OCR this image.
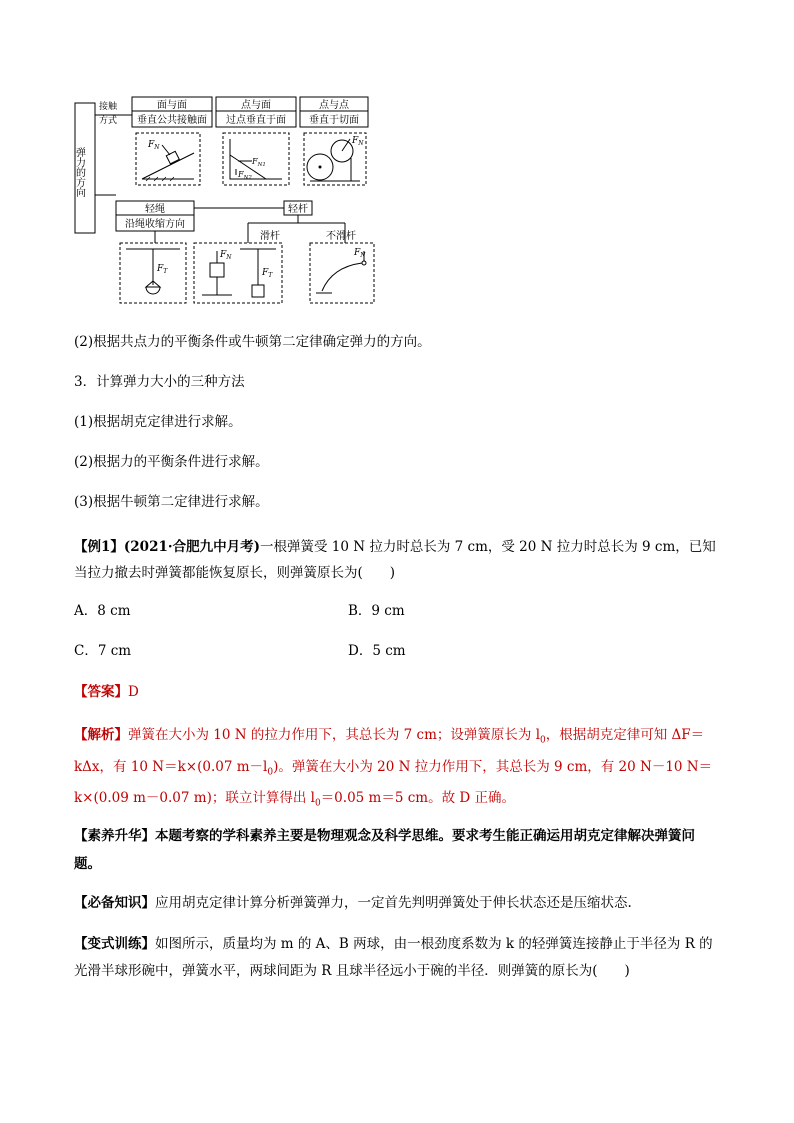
弹力的方向
接触
方式
面与面
垂直公共接触面
点与面
过点垂直于面
点与点
垂直于切面
轻绳
沿绳收缩方向
轻杆
滑杆	不滑杆
$F_N$
$F_{N1}$
$F_{N2}$
$F_N$
$F_T$
$F_N$
$F_T$
$F_N$
(2)根据共点力的平衡条件或牛顿第二定律确定弹力的方向。
3．计算弹力大小的三种方法
(1)根据胡克定律进行求解。
(2)根据力的平衡条件进行求解。
(3)根据牛顿第二定律进行求解。
【例1】(2021·合肥九中月考)一根弹簧受 10 N 拉力时总长为 7 cm，受 20 N 拉力时总长为 9 cm，已知当拉力撤去时弹簧都能恢复原长，则弹簧原长为(　　)
A．8 cm	B．9 cm
C．7 cm	D．5 cm
【答案】D
【解析】弹簧在大小为 10 N 的拉力作用下，其总长为 7 cm；设弹簧原长为 $l_0$，根据胡克定律可知 ΔF＝kΔx，有 10 N＝k×(0.07 $m-l_0$)。弹簧在大小为 20 N 拉力作用下，其总长为 9 cm，有 20 N－10 N＝k×(0.09 m－0.07 m)；联立计算得出 $l_0=0.05$ m＝5 cm。故 D 正确。
【素养升华】本题考察的学科素养主要是物理观念及科学思维。要求考生能正确运用胡克定律解决弹簧问
题。
【必备知识】应用胡克定律计算分析弹簧弹力，一定首先判明弹簧处于伸长状态还是压缩状态.
【变式训练】如图所示，质量均为 m 的 A、B 两球，由一根劲度系数为 k 的轻弹簧连接静止于半径为 R 的
光滑半球形碗中，弹簧水平，两球间距为 R 且球半径远小于碗的半径．则弹簧的原长为(　　)
